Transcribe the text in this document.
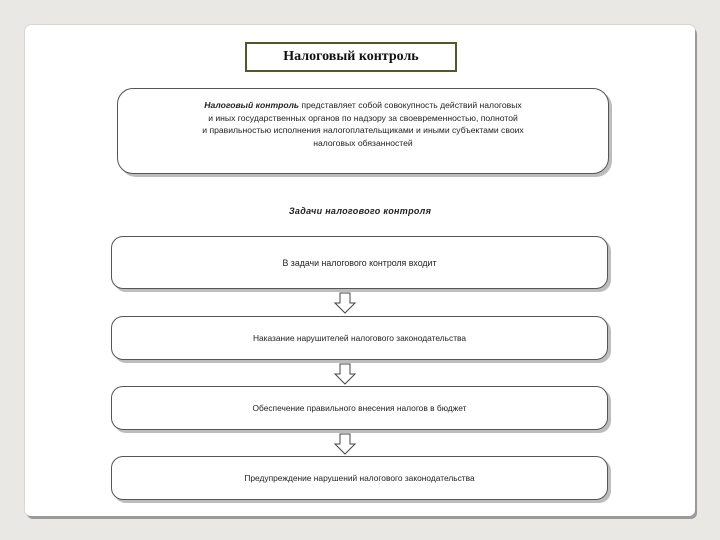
Налоговый контроль
Налоговый контроль представляет собой совокупность действий налоговых
и иных государственных органов по надзору за своевременностью, полнотой
и правильностью исполнения налогоплательщиками и иными субъектами своих
налоговых обязанностей
Задачи налогового контроля
В задачи налогового контроля входит
Наказание нарушителей налогового законодательства
Обеспечение правильного внесения налогов в бюджет
Предупреждение нарушений налогового законодательства
